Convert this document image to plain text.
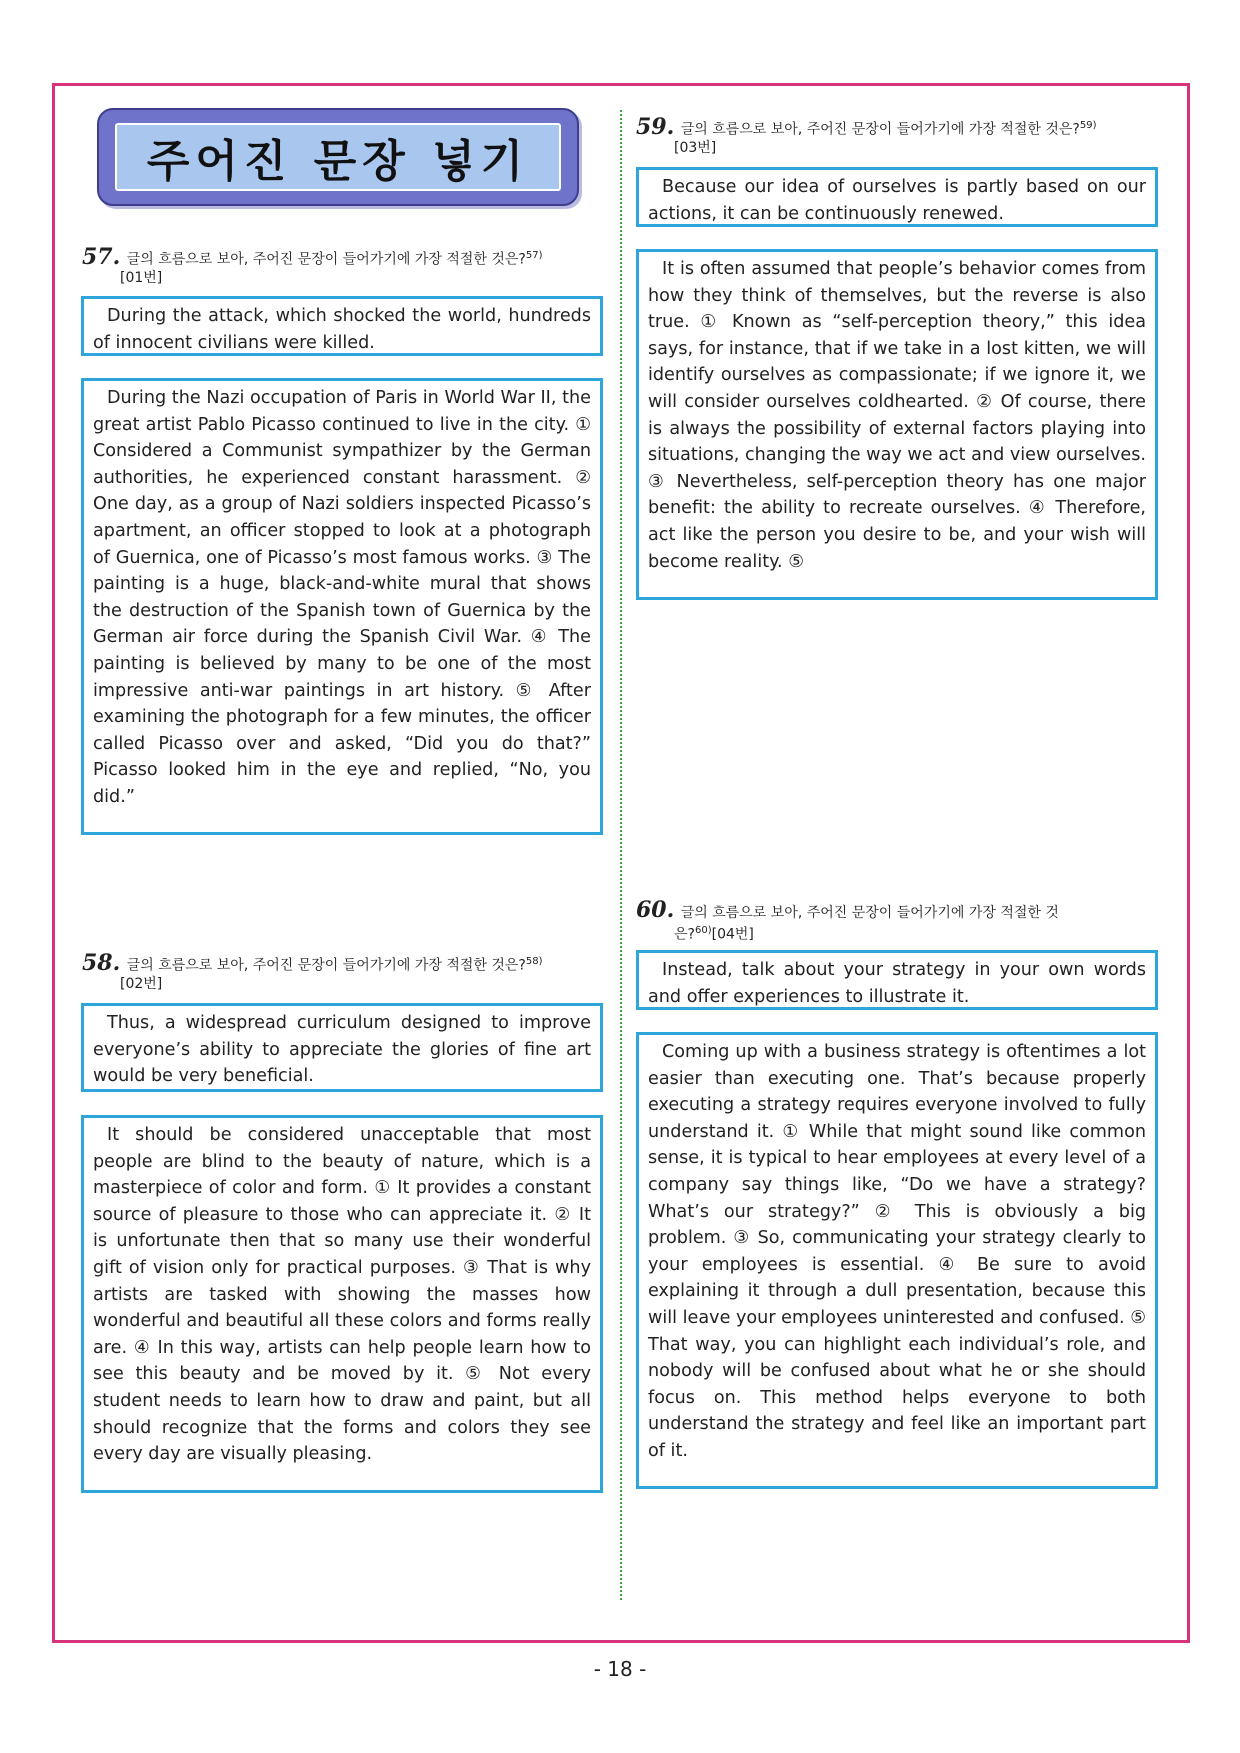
주어진 문장 넣기
57. 글의 흐름으로 보아, 주어진 문장이 들어가기에 가장 적절한 것은?$^{57)}$
[01번]
During the attack, which shocked the world, hundreds of innocent civilians were killed.
During the Nazi occupation of Paris in World War II, the great artist Pablo Picasso continued to live in the city. ① Considered a Communist sympathizer by the German authorities, he experienced constant harassment. ② One day, as a group of Nazi soldiers inspected Picasso’s apartment, an officer stopped to look at a photograph of Guernica, one of Picasso’s most famous works. ③ The painting is a huge, black-and-white mural that shows the destruction of the Spanish town of Guernica by the German air force during the Spanish Civil War. ④ The painting is believed by many to be one of the most impressive anti-war paintings in art history. ⑤ After examining the photograph for a few minutes, the officer called Picasso over and asked, “Did you do that?” Picasso looked him in the eye and replied, “No, you did.”
58. 글의 흐름으로 보아, 주어진 문장이 들어가기에 가장 적절한 것은?$^{58)}$
[02번]
Thus, a widespread curriculum designed to improve everyone’s ability to appreciate the glories of fine art would be very beneficial.
It should be considered unacceptable that most people are blind to the beauty of nature, which is a masterpiece of color and form. ① It provides a constant source of pleasure to those who can appreciate it. ② It is unfortunate then that so many use their wonderful gift of vision only for practical purposes. ③ That is why artists are tasked with showing the masses how wonderful and beautiful all these colors and forms really are. ④ In this way, artists can help people learn how to see this beauty and be moved by it. ⑤ Not every student needs to learn how to draw and paint, but all should recognize that the forms and colors they see every day are visually pleasing.
59. 글의 흐름으로 보아, 주어진 문장이 들어가기에 가장 적절한 것은?$^{59)}$
[03번]
Because our idea of ourselves is partly based on our actions, it can be continuously renewed.
It is often assumed that people’s behavior comes from how they think of themselves, but the reverse is also true. ① Known as “self-perception theory,” this idea says, for instance, that if we take in a lost kitten, we will identify ourselves as compassionate; if we ignore it, we will consider ourselves coldhearted. ② Of course, there is always the possibility of external factors playing into situations, changing the way we act and view ourselves. ③ Nevertheless, self-perception theory has one major benefit: the ability to recreate ourselves. ④ Therefore, act like the person you desire to be, and your wish will become reality. ⑤
60. 글의 흐름으로 보아, 주어진 문장이 들어가기에 가장 적절한 것
은?$^{60)}$[04번]
Instead, talk about your strategy in your own words and offer experiences to illustrate it.
Coming up with a business strategy is oftentimes a lot easier than executing one. That’s because properly executing a strategy requires everyone involved to fully understand it. ① While that might sound like common sense, it is typical to hear employees at every level of a company say things like, “Do we have a strategy? What’s our strategy?” ② This is obviously a big problem. ③ So, communicating your strategy clearly to your employees is essential. ④ Be sure to avoid explaining it through a dull presentation, because this will leave your employees uninterested and confused. ⑤ That way, you can highlight each individual’s role, and nobody will be confused about what he or she should focus on. This method helps everyone to both understand the strategy and feel like an important part of it.
- 18 -
